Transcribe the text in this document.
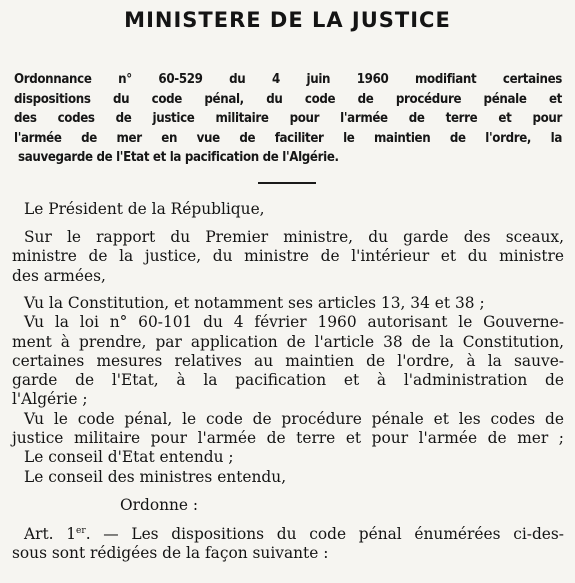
MINISTERE DE LA JUSTICE
Ordonnance n° 60-529 du 4 juin 1960 modifiant certaines
dispositions du code pénal, du code de procédure pénale et
des codes de justice militaire pour l'armée de terre et pour
l'armée de mer en vue de faciliter le maintien de l'ordre, la
sauvegarde de l'Etat et la pacification de l'Algérie.
Le Président de la République,
Sur le rapport du Premier ministre, du garde des sceaux,
ministre de la justice, du ministre de l'intérieur et du ministre
des armées,
Vu la Constitution, et notamment ses articles 13, 34 et 38 ;
Vu la loi n° 60-101 du 4 février 1960 autorisant le Gouverne-
ment à prendre, par application de l'article 38 de la Constitution,
certaines mesures relatives au maintien de l'ordre, à la sauve-
garde de l'Etat, à la pacification et à l'administration de
l'Algérie ;
Vu le code pénal, le code de procédure pénale et les codes de
justice militaire pour l'armée de terre et pour l'armée de mer ;
Le conseil d'Etat entendu ;
Le conseil des ministres entendu,
Ordonne :
Art. 1er. — Les dispositions du code pénal énumérées ci-des-
sous sont rédigées de la façon suivante :
